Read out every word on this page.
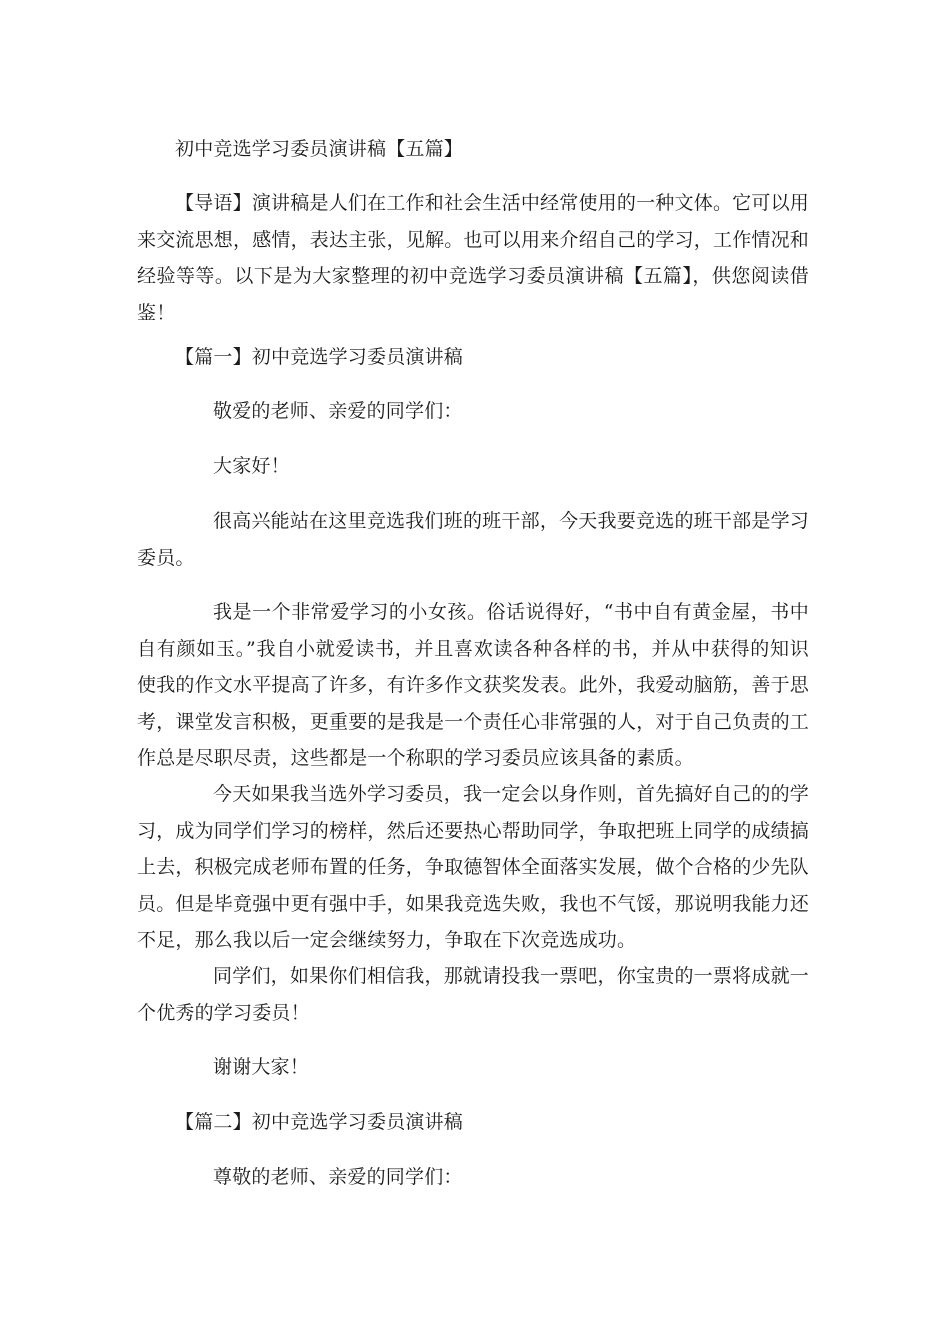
初中竞选学习委员演讲稿【五篇】

【导语】演讲稿是人们在工作和社会生活中经常使用的一种文体。它可以用来交流思想，感情，表达主张，见解。也可以用来介绍自己的学习，工作情况和经验等等。以下是为大家整理的初中竞选学习委员演讲稿【五篇】，供您阅读借鉴！

【篇一】初中竞选学习委员演讲稿

敬爱的老师、亲爱的同学们：

大家好！

很高兴能站在这里竞选我们班的班干部，今天我要竞选的班干部是学习委员。

我是一个非常爱学习的小女孩。俗话说得好，“书中自有黄金屋，书中自有颜如玉。”我自小就爱读书，并且喜欢读各种各样的书，并从中获得的知识使我的作文水平提高了许多，有许多作文获奖发表。此外，我爱动脑筋，善于思考，课堂发言积极，更重要的是我是一个责任心非常强的人，对于自己负责的工作总是尽职尽责，这些都是一个称职的学习委员应该具备的素质。

今天如果我当选外学习委员，我一定会以身作则，首先搞好自己的的学习，成为同学们学习的榜样，然后还要热心帮助同学，争取把班上同学的成绩搞上去，积极完成老师布置的任务，争取德智体全面落实发展，做个合格的少先队员。但是毕竟强中更有强中手，如果我竞选失败，我也不气馁，那说明我能力还不足，那么我以后一定会继续努力，争取在下次竞选成功。

同学们，如果你们相信我，那就请投我一票吧，你宝贵的一票将成就一个优秀的学习委员！

谢谢大家！

【篇二】初中竞选学习委员演讲稿

尊敬的老师、亲爱的同学们：
